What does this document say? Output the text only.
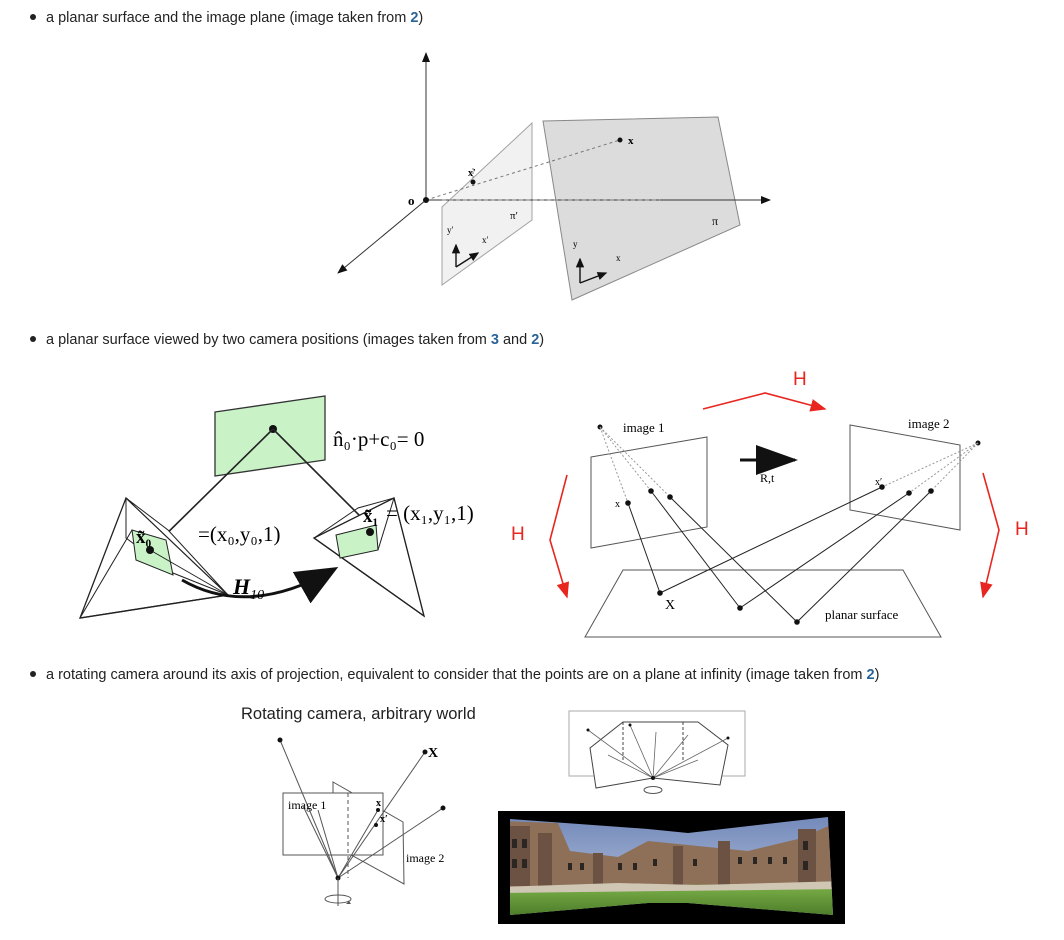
a planar surface and the image plane (image taken from 2)
o
x
x′
π′	π
y′
x′	y
x
a planar surface viewed by two camera positions (images taken from 3 and 2)
n̂₀·p+c₀= 0
x̃₀ =(x₀,y₀,1)
x̃₁ = (x₁,y₁,1)
$H_{10}$
H
H	H
image 1	image 2
R,t
x
x′
X
planar surface
a rotating camera around its axis of projection, equivalent to consider that the points are on a plane at infinity (image taken from 2)
Rotating camera, arbitrary world
X
image 1
image 2
x
x′
